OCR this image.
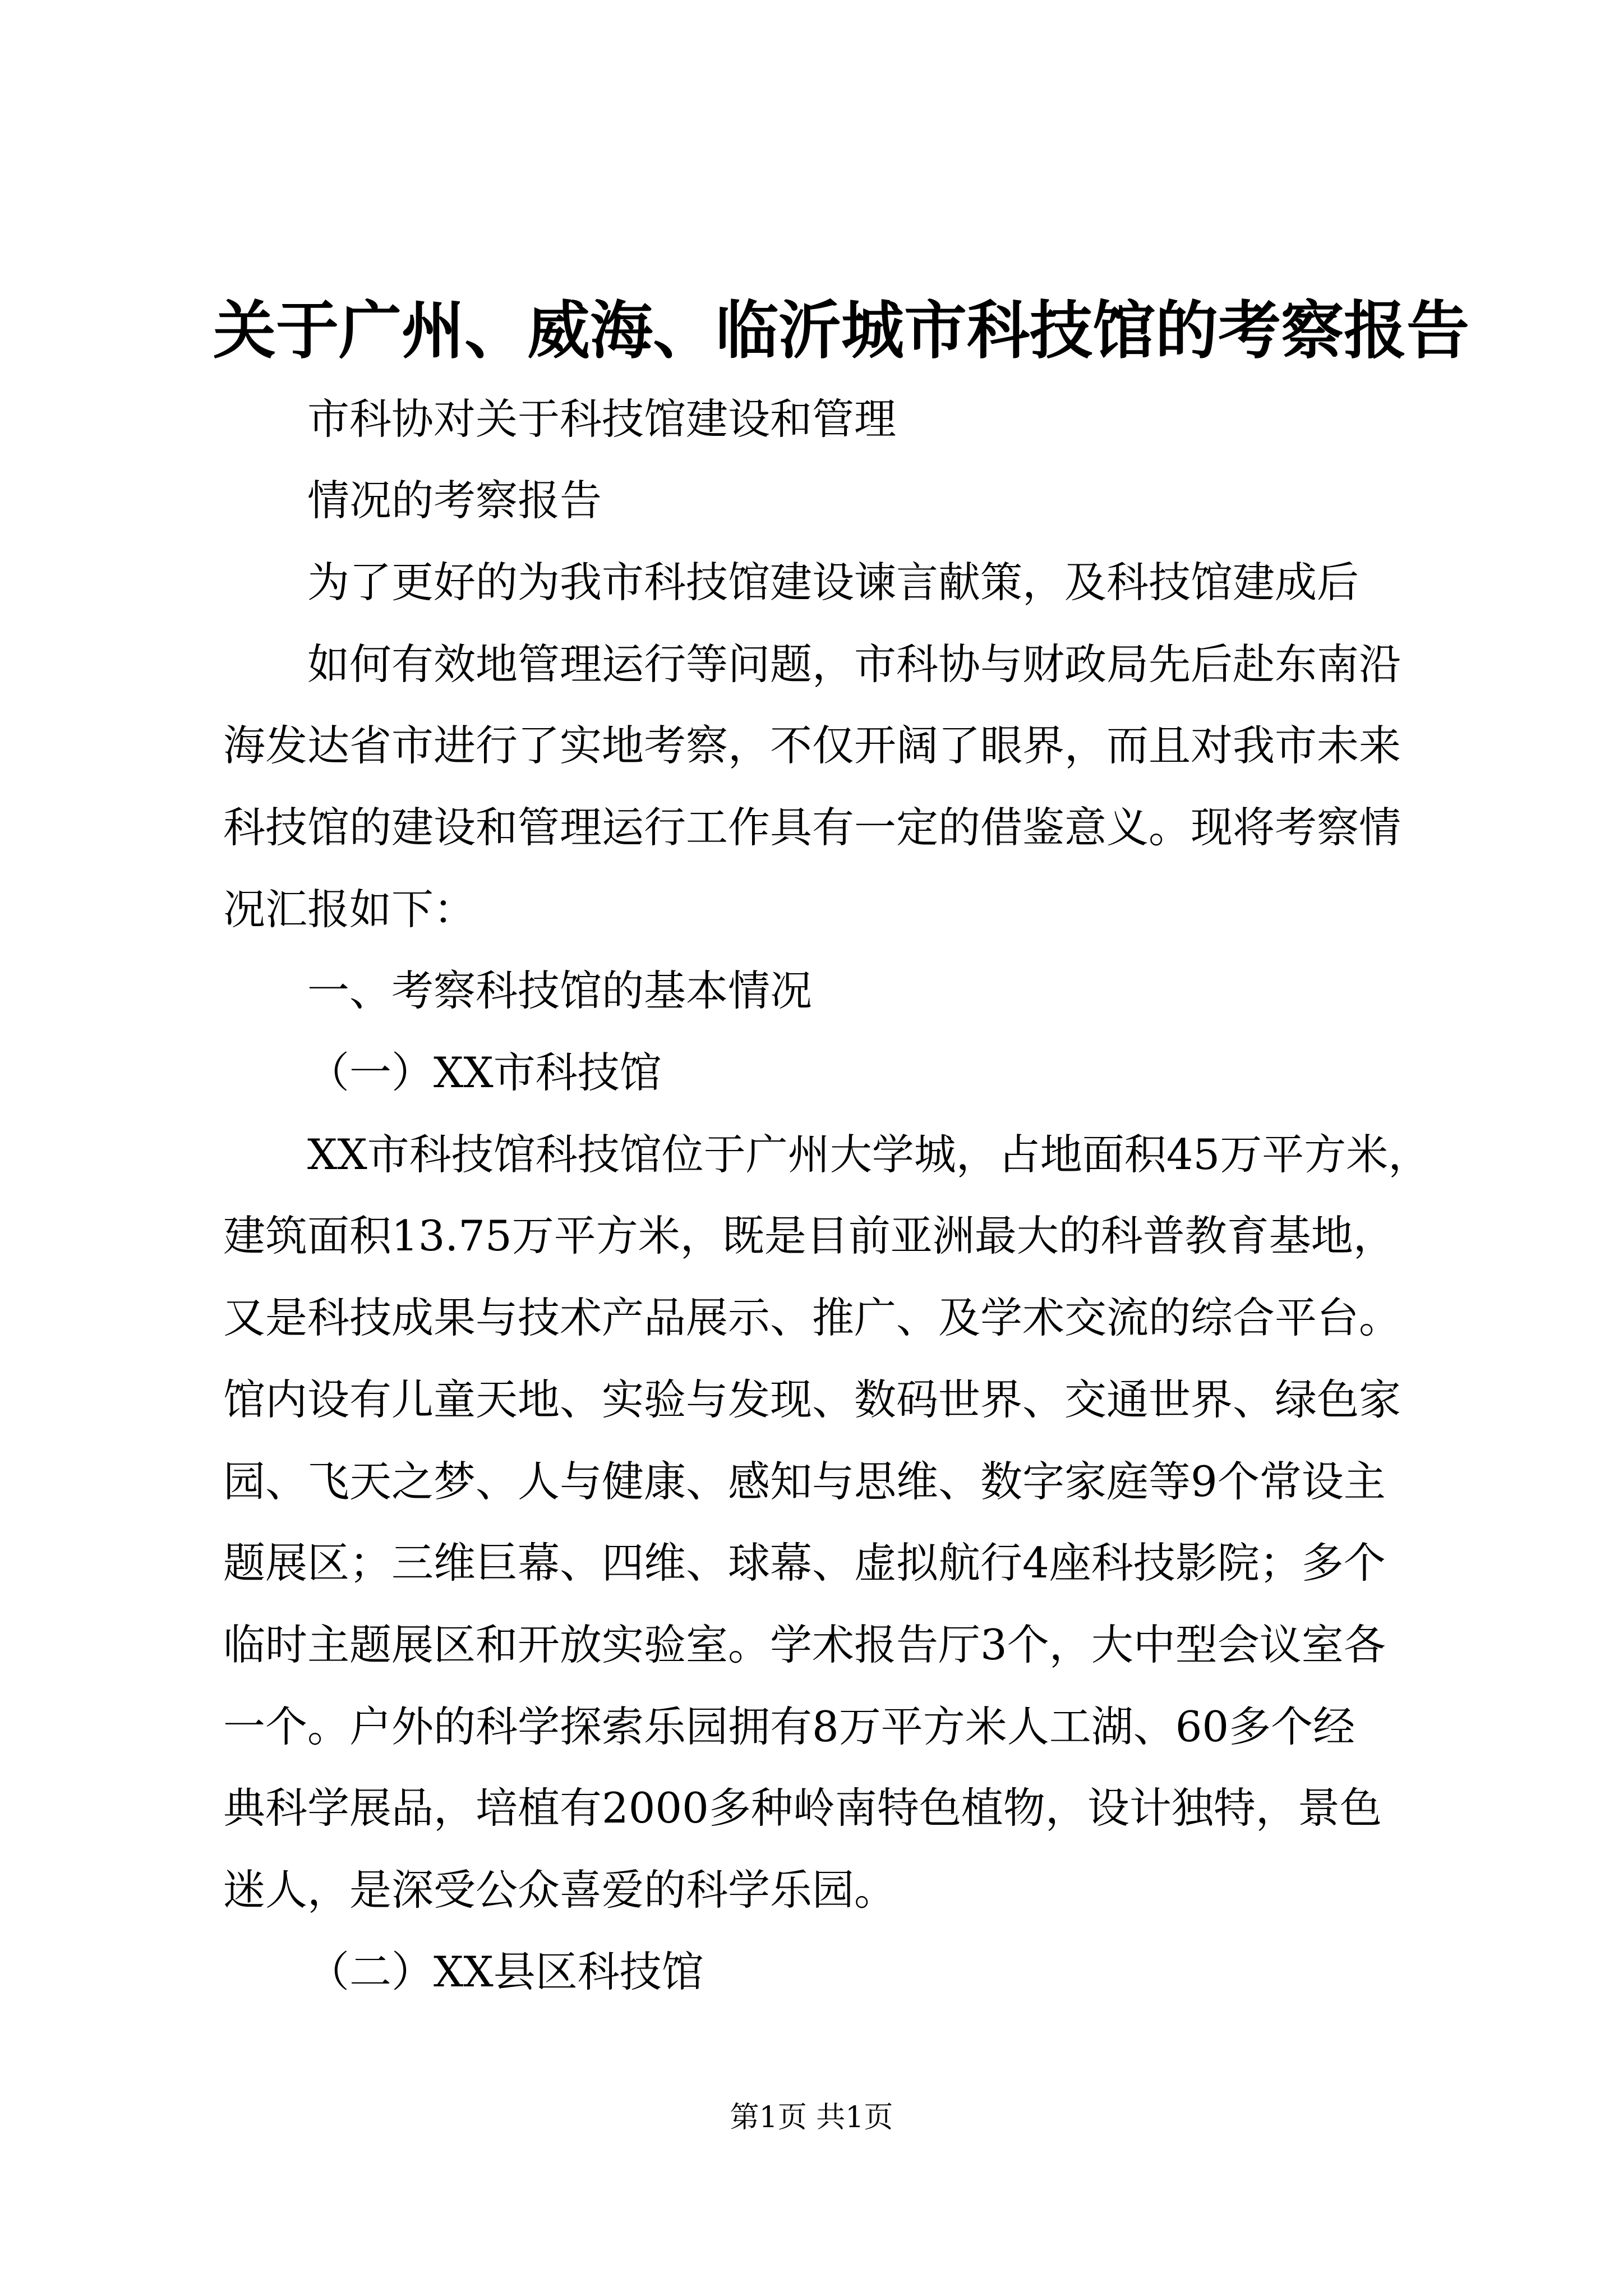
关于广州、威海、临沂城市科技馆的考察报告
市科协对关于科技馆建设和管理
情况的考察报告
为了更好的为我市科技馆建设谏言献策，及科技馆建成后
如何有效地管理运行等问题，市科协与财政局先后赴东南沿
海发达省市进行了实地考察，不仅开阔了眼界，而且对我市未来
科技馆的建设和管理运行工作具有一定的借鉴意义。现将考察情
况汇报如下：
一、考察科技馆的基本情况
（一）XX市科技馆
XX市科技馆科技馆位于广州大学城，占地面积45万平方米，
建筑面积13.75万平方米，既是目前亚洲最大的科普教育基地，
又是科技成果与技术产品展示、推广、及学术交流的综合平台。
馆内设有儿童天地、实验与发现、数码世界、交通世界、绿色家
园、飞天之梦、人与健康、感知与思维、数字家庭等9个常设主
题展区；三维巨幕、四维、球幕、虚拟航行4座科技影院；多个
临时主题展区和开放实验室。学术报告厅3个，大中型会议室各
一个。户外的科学探索乐园拥有8万平方米人工湖、60多个经
典科学展品，培植有2000多种岭南特色植物，设计独特，景色
迷人，是深受公众喜爱的科学乐园。
（二）XX县区科技馆
第1页 共1页
